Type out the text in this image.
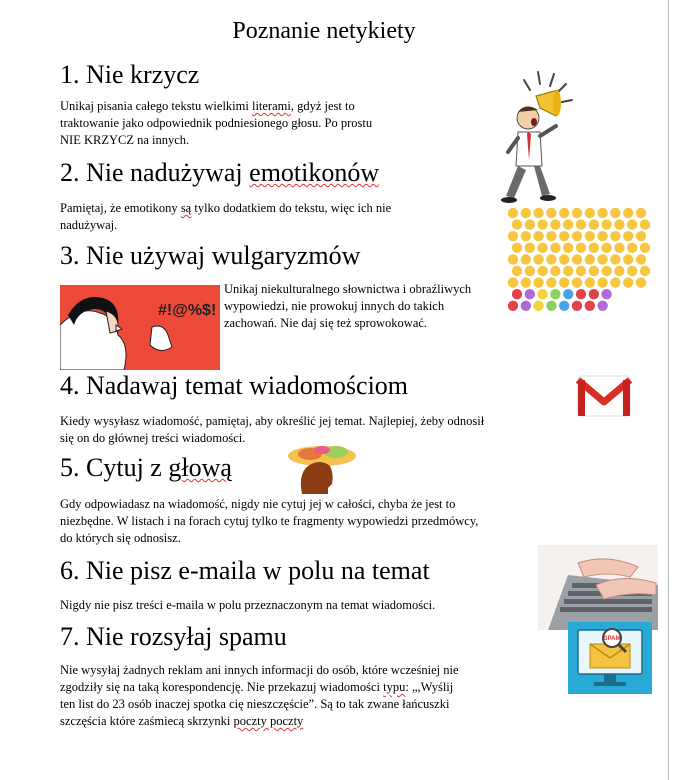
Poznanie netykiety
1. Nie krzycz
Unikaj pisania całego tekstu wielkimi literami, gdyż jest to
traktowanie jako odpowiednik podniesionego głosu. Po prostu
NIE KRZYCZ na innych.
2. Nie nadużywaj emotikonów
Pamiętaj, że emotikony są tylko dodatkiem do tekstu, więc ich nie
nadużywaj.
3. Nie używaj wulgaryzmów
Unikaj niekulturalnego słownictwa i obraźliwych
wypowiedzi, nie prowokuj innych do takich
zachowań. Nie daj się też sprowokować.
4. Nadawaj temat wiadomościom
Kiedy wysyłasz wiadomość, pamiętaj, aby określić jej temat. Najlepiej, żeby odnosił
się on do głównej treści wiadomości.
5. Cytuj z głową
Gdy odpowiadasz na wiadomość, nigdy nie cytuj jej w całości, chyba że jest to
niezbędne. W listach i na forach cytuj tylko te fragmenty wypowiedzi przedmówcy,
do których się odnosisz.
6. Nie pisz e-maila w polu na temat
Nigdy nie pisz treści e-maila w polu przeznaczonym na temat wiadomości.
7. Nie rozsyłaj spamu
Nie wysyłaj żadnych reklam ani innych informacji do osób, które wcześniej nie
zgodziły się na taką korespondencję. Nie przekazuj wiadomości typu: „,Wyślij
ten list do 23 osób inaczej spotka cię nieszczęście”. Są to tak zwane łańcuszki
szczęścia które zaśmiecą skrzynki poczty poczty
#!@%$!
SPAM
